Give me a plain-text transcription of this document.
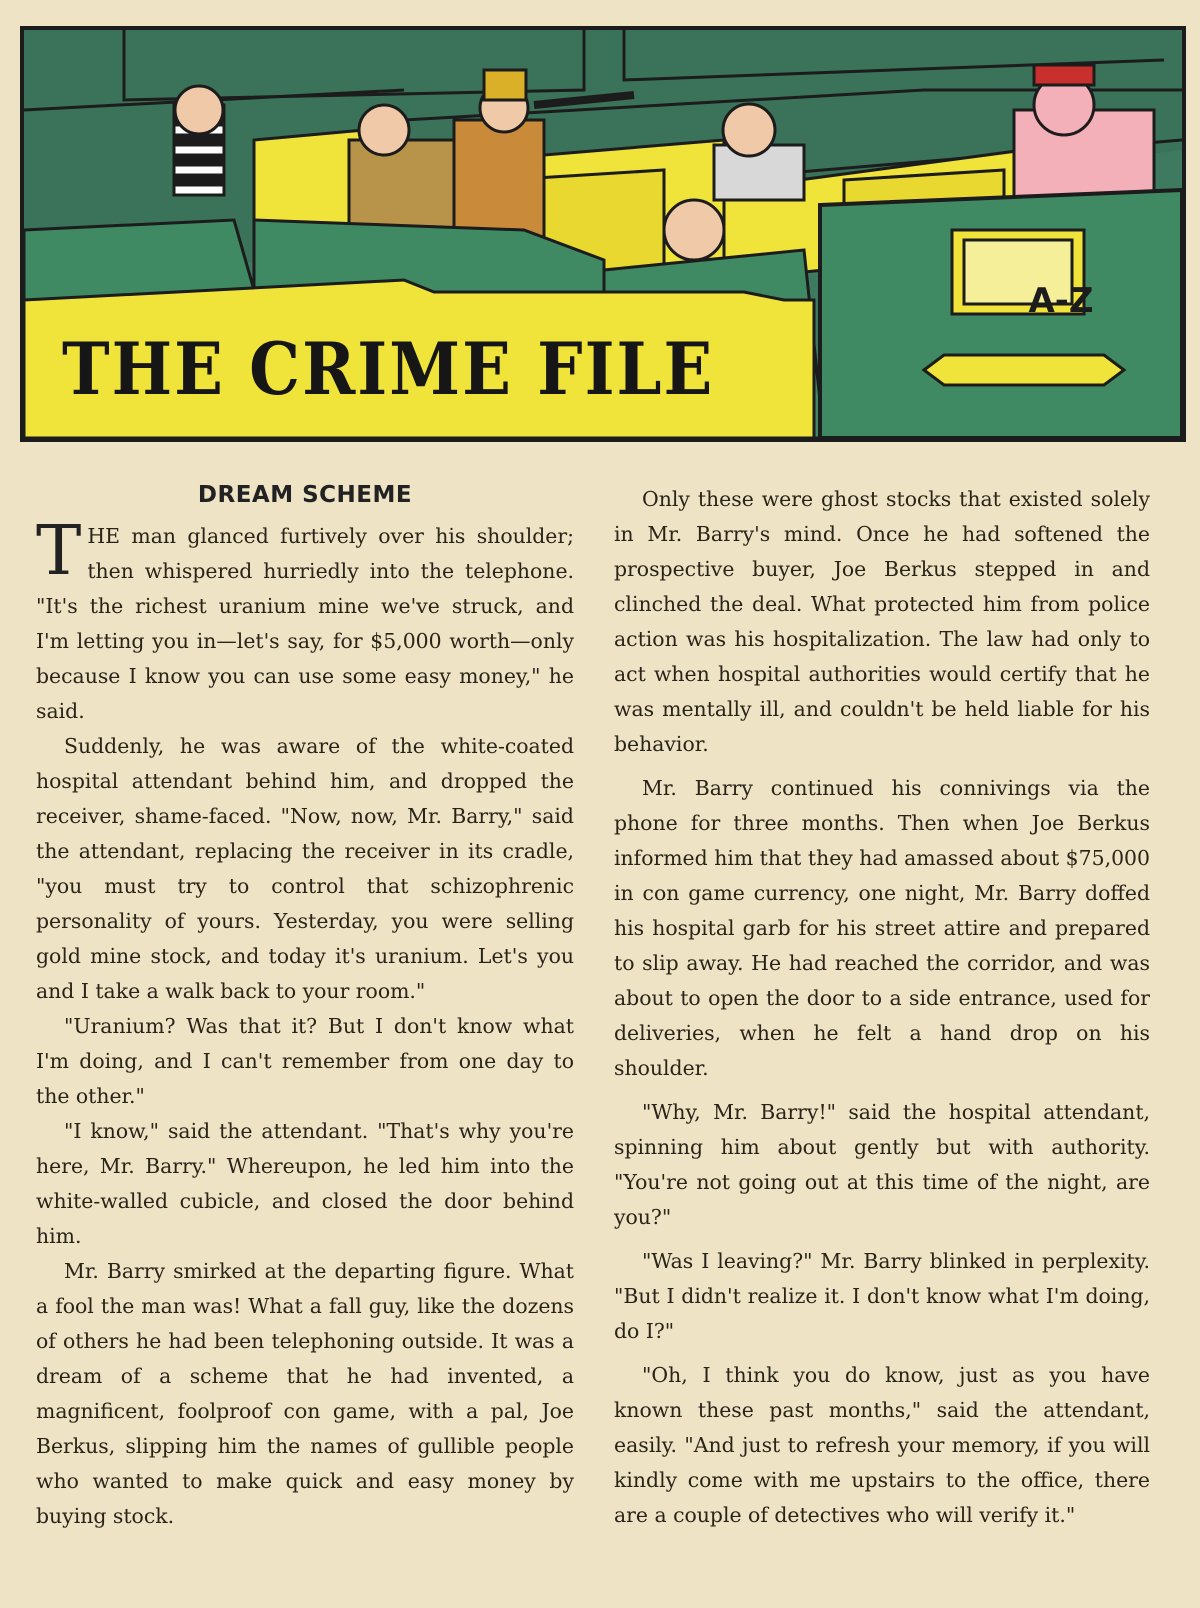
THE CRIME FILE
A-Z
DREAM SCHEME
T HE man glanced furtively over his shoulder; then whispered hurriedly into the telephone. "It's the richest uranium mine we've struck, and I'm letting you in—let's say, for $5,000 worth—only because I know you can use some easy money," he said.

Suddenly, he was aware of the white-coated hospital attendant behind him, and dropped the receiver, shame-faced. "Now, now, Mr. Barry," said the attendant, replacing the receiver in its cradle, "you must try to control that schizophrenic personality of yours. Yesterday, you were selling gold mine stock, and today it's uranium. Let's you and I take a walk back to your room."

"Uranium? Was that it? But I don't know what I'm doing, and I can't remember from one day to the other."

"I know," said the attendant. "That's why you're here, Mr. Barry." Whereupon, he led him into the white-walled cubicle, and closed the door behind him.

Mr. Barry smirked at the departing figure. What a fool the man was! What a fall guy, like the dozens of others he had been telephoning outside. It was a dream of a scheme that he had invented, a magnificent, foolproof con game, with a pal, Joe Berkus, slipping him the names of gullible people who wanted to make quick and easy money by buying stock.

Only these were ghost stocks that existed solely in Mr. Barry's mind. Once he had softened the prospective buyer, Joe Berkus stepped in and clinched the deal. What protected him from police action was his hospitalization. The law had only to act when hospital authorities would certify that he was mentally ill, and couldn't be held liable for his behavior.

Mr. Barry continued his connivings via the phone for three months. Then when Joe Berkus informed him that they had amassed about $75,000 in con game currency, one night, Mr. Barry doffed his hospital garb for his street attire and prepared to slip away. He had reached the corridor, and was about to open the door to a side entrance, used for deliveries, when he felt a hand drop on his shoulder.

"Why, Mr. Barry!" said the hospital attendant, spinning him about gently but with authority. "You're not going out at this time of the night, are you?"

"Was I leaving?" Mr. Barry blinked in perplexity. "But I didn't realize it. I don't know what I'm doing, do I?"

"Oh, I think you do know, just as you have known these past months," said the attendant, easily. "And just to refresh your memory, if you will kindly come with me upstairs to the office, there are a couple of detectives who will verify it."
